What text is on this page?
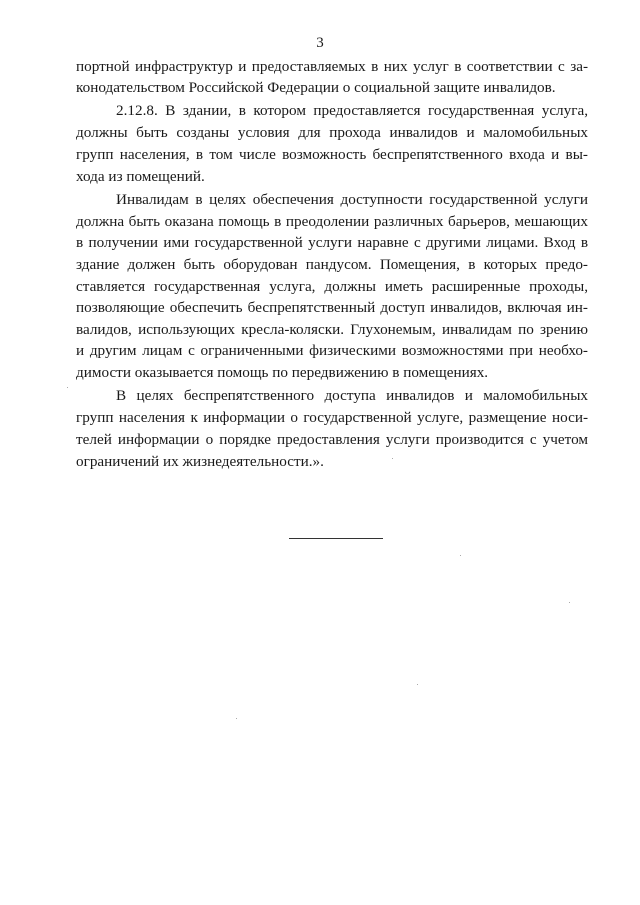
3
портной инфраструктур и предоставляемых в них услуг в соответствии с за-
конодательством Российской Федерации о социальной защите инвалидов.
2.12.8. В здании, в котором предоставляется государственная услуга,
должны быть созданы условия для прохода инвалидов и маломобильных
групп населения, в том числе возможность беспрепятственного входа и вы-
хода из помещений.
Инвалидам в целях обеспечения доступности государственной услуги
должна быть оказана помощь в преодолении различных барьеров, мешающих
в получении ими государственной услуги наравне с другими лицами. Вход в
здание должен быть оборудован пандусом. Помещения, в которых предо-
ставляется государственная услуга, должны иметь расширенные проходы,
позволяющие обеспечить беспрепятственный доступ инвалидов, включая ин-
валидов, использующих кресла-коляски. Глухонемым, инвалидам по зрению
и другим лицам с ограниченными физическими возможностями при необхо-
димости оказывается помощь по передвижению в помещениях.
В целях беспрепятственного доступа инвалидов и маломобильных
групп населения к информации о государственной услуге, размещение носи-
телей информации о порядке предоставления услуги производится с учетом
ограничений их жизнедеятельности.».
